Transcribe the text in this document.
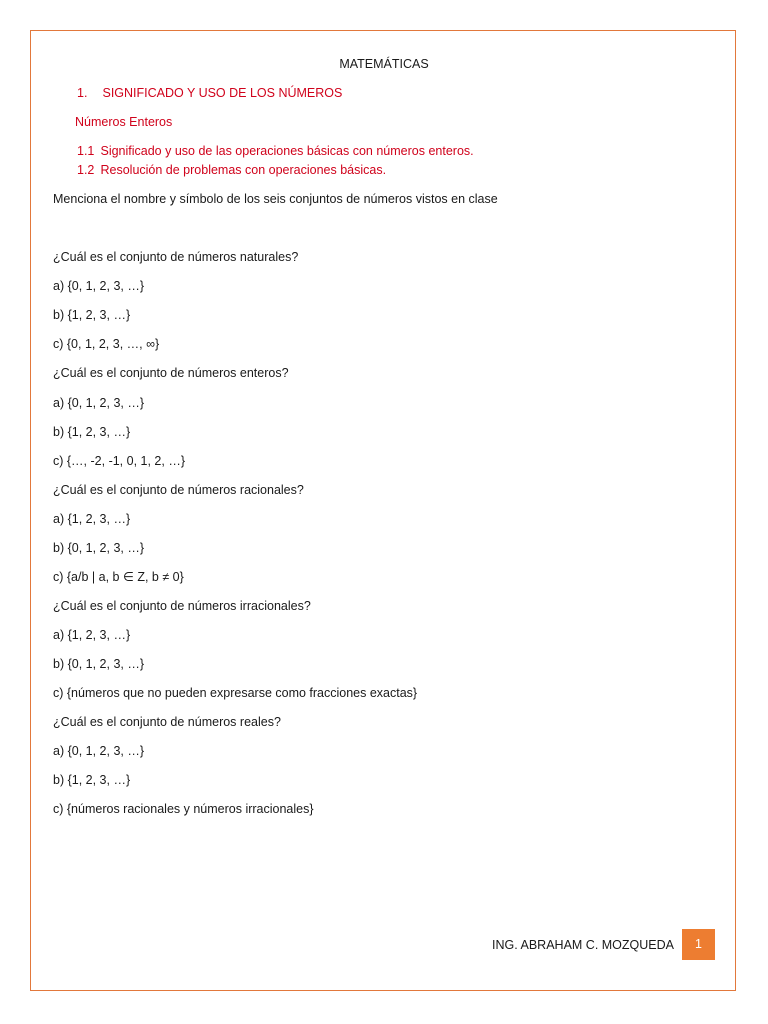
MATEMÁTICAS
1. SIGNIFICADO Y USO DE LOS NÚMEROS
Números Enteros
1.1 Significado y uso de las operaciones básicas con números enteros.
1.2 Resolución de problemas con operaciones básicas.
Menciona el nombre y símbolo de los seis conjuntos de números vistos en clase
¿Cuál es el conjunto de números naturales?
a) {0, 1, 2, 3, …}
b) {1, 2, 3, …}
c) {0, 1, 2, 3, …, ∞}
¿Cuál es el conjunto de números enteros?
a) {0, 1, 2, 3, …}
b) {1, 2, 3, …}
c) {…, -2, -1, 0, 1, 2, …}
¿Cuál es el conjunto de números racionales?
a) {1, 2, 3, …}
b) {0, 1, 2, 3, …}
c) {a/b | a, b ∈ Z, b ≠ 0}
¿Cuál es el conjunto de números irracionales?
a) {1, 2, 3, …}
b) {0, 1, 2, 3, …}
c) {números que no pueden expresarse como fracciones exactas}
¿Cuál es el conjunto de números reales?
a) {0, 1, 2, 3, …}
b) {1, 2, 3, …}
c) {números racionales y números irracionales}
ING. ABRAHAM C. MOZQUEDA	1
